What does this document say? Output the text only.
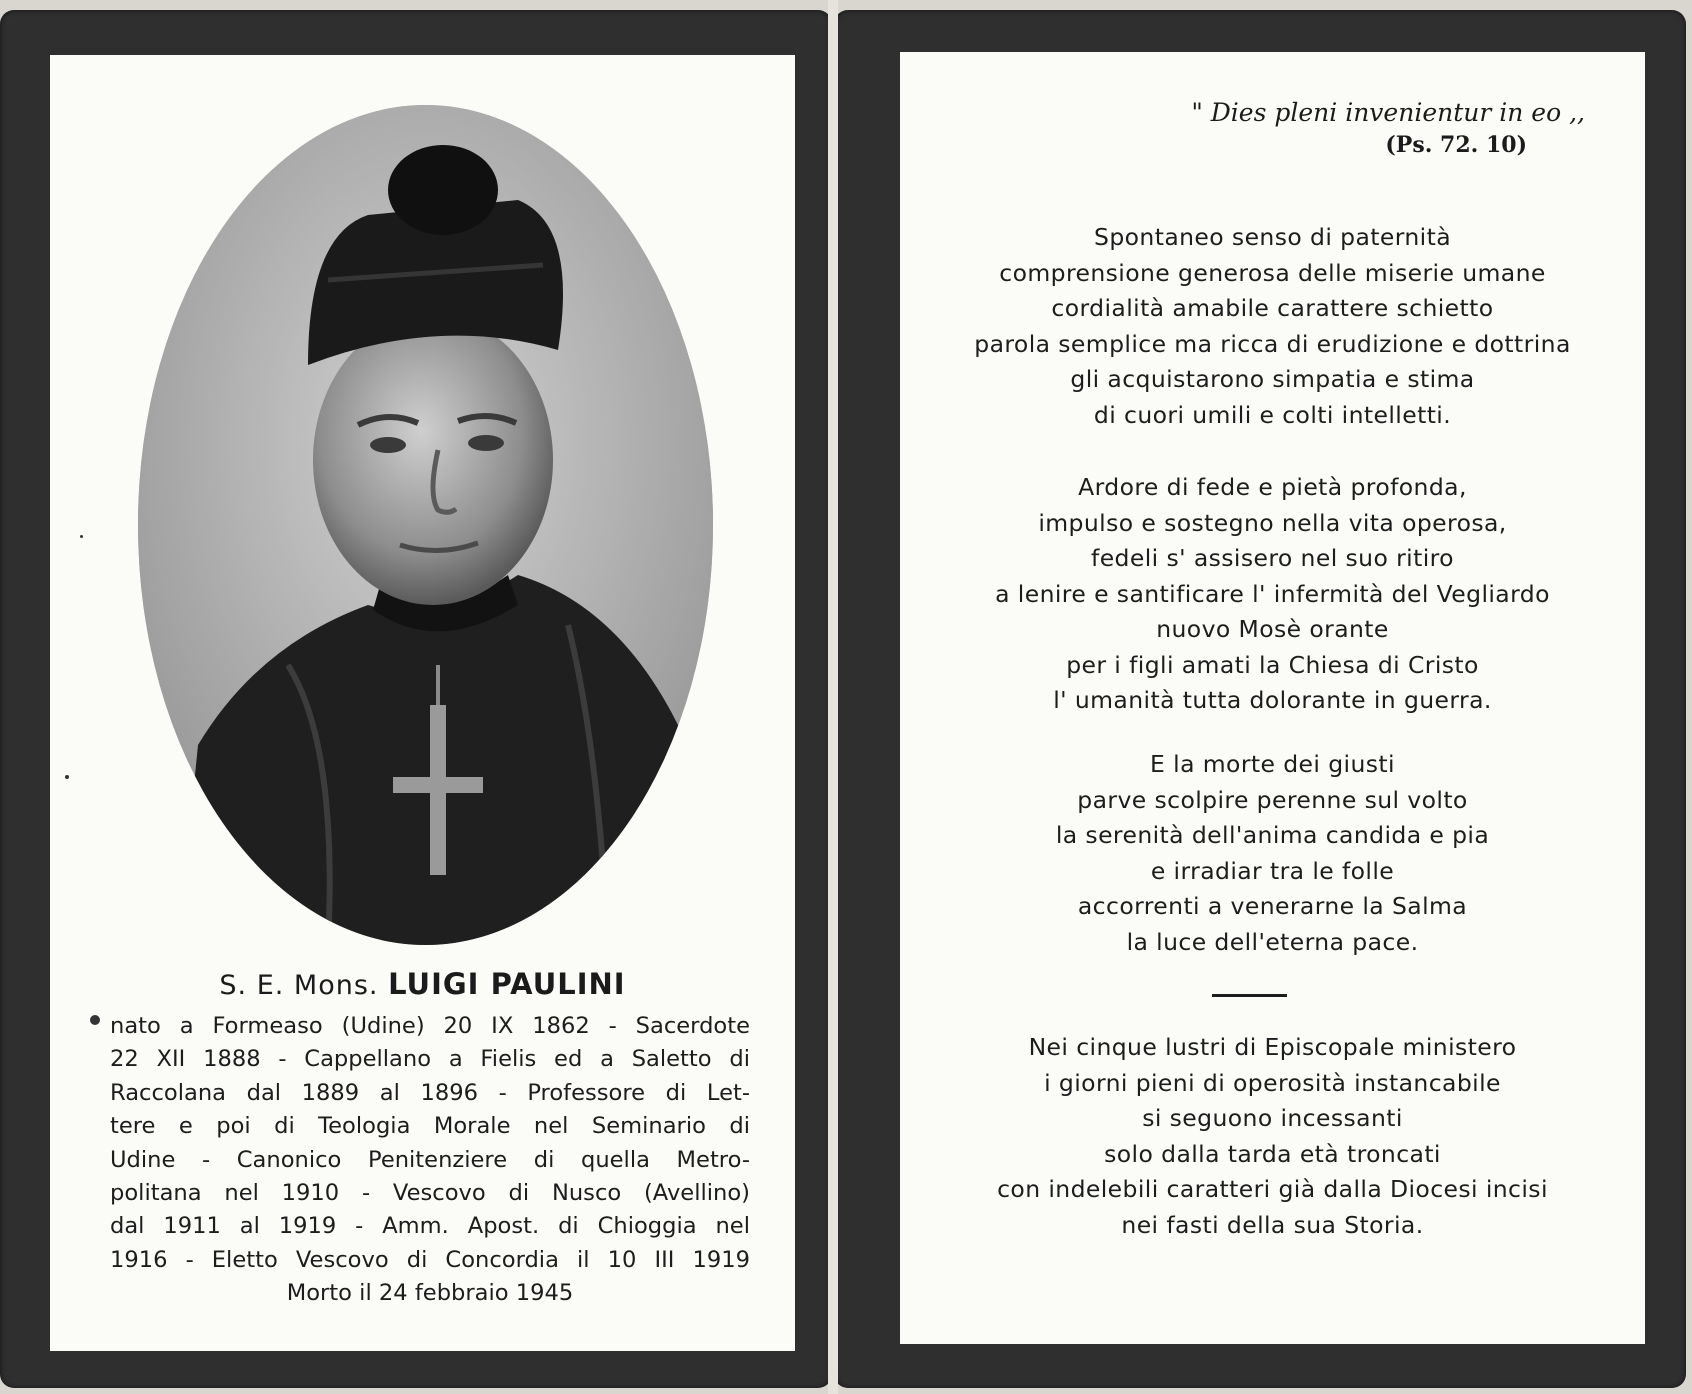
S. E. Mons. LUIGI PAULINI
nato a Formeaso (Udine) 20 IX 1862 - Sacerdote
22 XII 1888 - Cappellano a Fielis ed a Saletto di
Raccolana dal 1889 al 1896 - Professore di Let-
tere e poi di Teologia Morale nel Seminario di
Udine - Canonico Penitenziere di quella Metro-
politana nel 1910 - Vescovo di Nusco (Avellino)
dal 1911 al 1919 - Amm. Apost. di Chioggia nel
1916 - Eletto Vescovo di Concordia il 10 III 1919
Morto il 24 febbraio 1945
" Dies pleni invenientur in eo ,,
(Ps. 72. 10)
Spontaneo senso di paternità
comprensione generosa delle miserie umane
cordialità amabile carattere schietto
parola semplice ma ricca di erudizione e dottrina
gli acquistarono simpatia e stima
di cuori umili e colti intelletti.
Ardore di fede e pietà profonda,
impulso e sostegno nella vita operosa,
fedeli s' assisero nel suo ritiro
a lenire e santificare l' infermità del Vegliardo
nuovo Mosè orante
per i figli amati la Chiesa di Cristo
l' umanità tutta dolorante in guerra.
E la morte dei giusti
parve scolpire perenne sul volto
la serenità dell'anima candida e pia
e irradiar tra le folle
accorrenti a venerarne la Salma
la luce dell'eterna pace.
Nei cinque lustri di Episcopale ministero
i giorni pieni di operosità instancabile
si seguono incessanti
solo dalla tarda età troncati
con indelebili caratteri già dalla Diocesi incisi
nei fasti della sua Storia.
